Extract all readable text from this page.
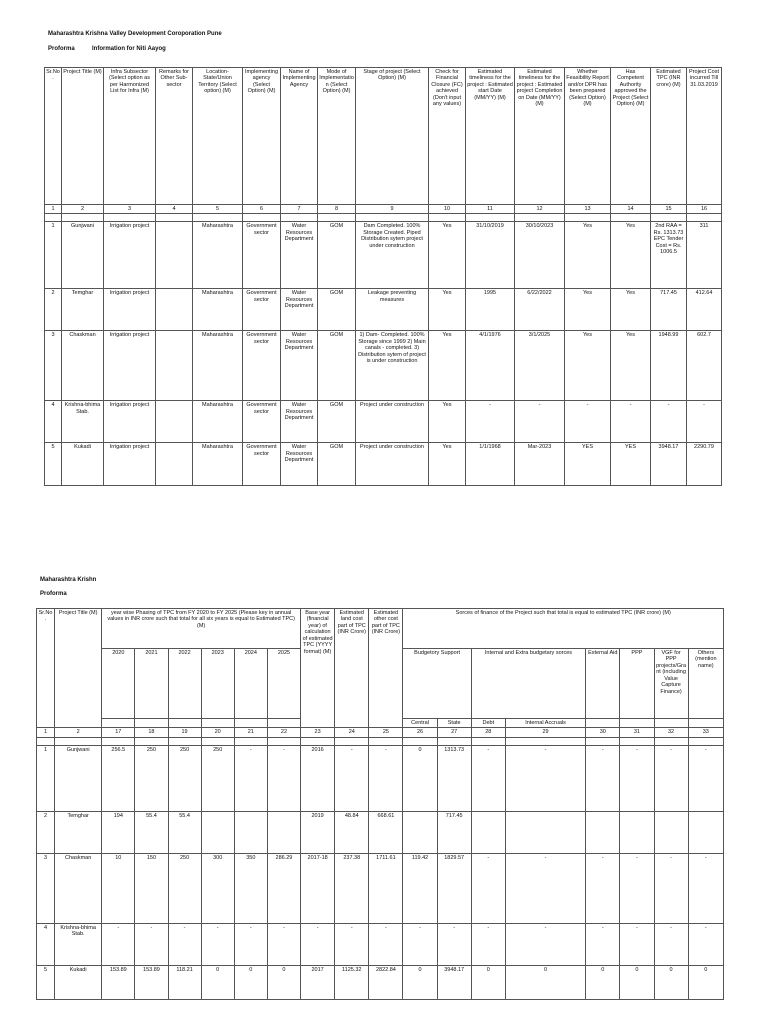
Maharashtra Krishna Valley Development Coroporation Pune
Proforma	Information for Niti Aayog
Sr.No.	Project Title (M)	Infra Subsector (Select option as per Harmonized List for Infra (M)	Remarks for Other Sub-sector	Location- State/Union Territory (Select option) (M)	Implementing agency (Select Option) (M)	Name of Implementing Agency	Mode of Implementation (Select Option) (M)	Stage of project (Select Option) (M)	Check for Financial Closure (FC) achieved (Don't input any values)	Estimated timeliness for the project : Estimated start Date (MM/YY) (M)	Estimated timeliness for the project : Estimated project Completion on Date (MM/YY) (M)	Whether Feasibility Report and/or DPR has been prepared (Select Option) (M)	Has Competent Authority approved the Project (Select Option) (M)	Estimated TPC (INR crore) (M)	Project Cost incurred Till 31.03.2019
1	2	3	4	5	6	7	8	9	10	11	12	13	14	15	16

1	Gunjwani	Irrigation project		Maharashtra	Government sector	Water Resources Department	GOM	Dam Completed. 100% Storage Created. Piped Distribution sytem project under construction	Yes	31/10/2019	30/10/2023	Yes	Yes	2nd RAA = Rs. 1313.73 EPC Tender Cost = Rs. 1006.5	311
2	Temghar	Irrigation project		Maharashtra	Government sector	Water Resources Department	GOM	Leakage preventing measures	Yes	1995	6/22/2022	Yes	Yes	717.45	412.64
3	Chaskman	Irrigation project		Maharashtra	Government sector	Water Resources Department	GOM	1) Dam- Completed. 100% Storage since 1999 2) Main canals - completed. 3) Distribution sytem of project is under construction	Yes	4/1/1976	3/1/2025	Yes	Yes	1948.99	602.7
4	Krishna-bhima Stab.	Irrigation project		Maharashtra	Government sector	Water Resources Department	GOM	Project under construction	Yes	-	-	-	-	-	-
5	Kukadi	Irrigation project		Maharashtra	Government sector	Water Resources Department	GOM	Project under construction	Yes	1/1/1968	Mar-2023	YES	YES	3948.17	2290.79
Maharashtra Krishn
Proforma
Sr.No.	Project Title (M)	year wise Phasing of TPC from FY 2020 to FY 2025 (Please key in annual values in INR crore such that total for all six years is equal to Estimated TPC) (M)						Base year (financial year) of calculation of estimated TPC (YYYY format) (M)	Estimated land cost part of TPC (INR Crore)	Estimated other cost part of TPC (INR Crore)	Sorces of finance of the Project such that total is equal to estimated TPC (INR crore) (M)							
		2020	2021	2022	2023	2024	2025				Budgetory Support		Internal and Extra budgetary sorces		External Aid	PPP	VGF for PPP projects/Grant (including Value Capture Finance)	Others (mention name)
											Central	State	Debt	Internal Accruals				
1	2	17	18	19	20	21	22	23	24	25	26	27	28	29	30	31	32	33

1	Gunjwani	256.5	250	250	250	-	-	2016	-	-	0	1313.73	-	-	-	-	-	-
2	Temghar	194	55.4	55.4				2019	48.84	668.61		717.45						
3	Chaskman	10	150	250	300	350	286.29	2017-18	237.38	1711.61	119.42	1829.57	-	-	-	-	-	-
4	Krishna-bhima Stab.	-	-	-	-	-	-	-	-	-	-	-	-	-	-	-	-	-
5	Kukadi	153.89	153.89	118.21	0	0	0	2017	1125.32	2822.84	0	3948.17	0	0	0	0	0	0
